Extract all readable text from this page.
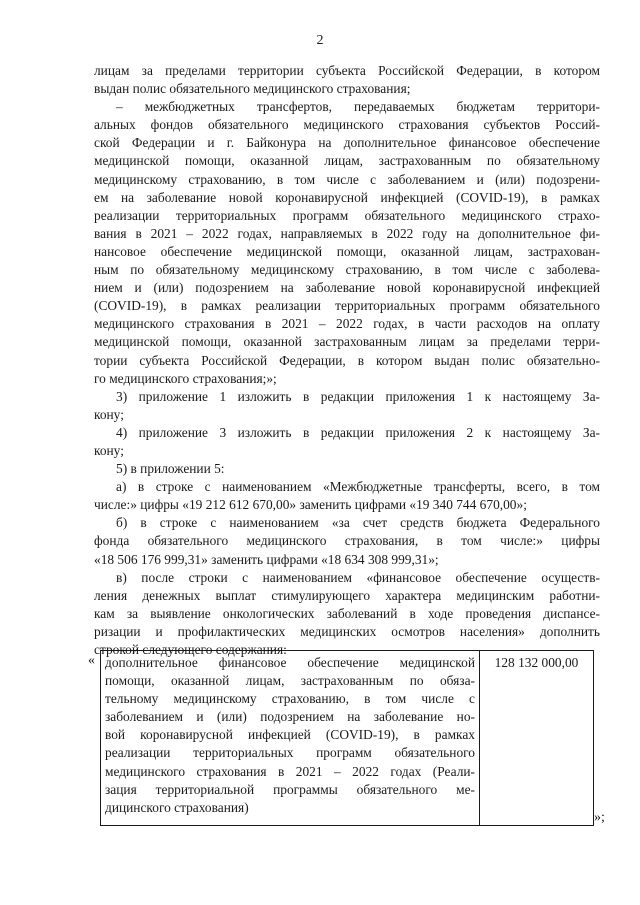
2
лицам за пределами территории субъекта Российской Федерации, в котором
выдан полис обязательного медицинского страхования;
– межбюджетных трансфертов, передаваемых бюджетам территори-
альных фондов обязательного медицинского страхования субъектов Россий-
ской Федерации и г. Байконура на дополнительное финансовое обеспечение
медицинской помощи, оказанной лицам, застрахованным по обязательному
медицинскому страхованию, в том числе с заболеванием и (или) подозрени-
ем на заболевание новой коронавирусной инфекцией (COVID-19), в рамках
реализации территориальных программ обязательного медицинского страхо-
вания в 2021 – 2022 годах, направляемых в 2022 году на дополнительное фи-
нансовое обеспечение медицинской помощи, оказанной лицам, застрахован-
ным по обязательному медицинскому страхованию, в том числе с заболева-
нием и (или) подозрением на заболевание новой коронавирусной инфекцией
(COVID-19), в рамках реализации территориальных программ обязательного
медицинского страхования в 2021 – 2022 годах, в части расходов на оплату
медицинской помощи, оказанной застрахованным лицам за пределами терри-
тории субъекта Российской Федерации, в котором выдан полис обязательно-
го медицинского страхования;»;
3) приложение 1 изложить в редакции приложения 1 к настоящему За-
кону;
4) приложение 3 изложить в редакции приложения 2 к настоящему За-
кону;
5) в приложении 5:
а) в строке с наименованием «Межбюджетные трансферты, всего, в том
числе:» цифры «19 212 612 670,00» заменить цифрами «19 340 744 670,00»;
б) в строке с наименованием «за счет средств бюджета Федерального
фонда обязательного медицинского страхования, в том числе:» цифры
«18 506 176 999,31» заменить цифрами «18 634 308 999,31»;
в) после строки с наименованием «финансовое обеспечение осуществ-
ления денежных выплат стимулирующего характера медицинским работни-
кам за выявление онкологических заболеваний в ходе проведения диспансе-
ризации и профилактических медицинских осмотров населения» дополнить
строкой следующего содержания:
« дополнительное финансовое обеспечение медицинской
помощи, оказанной лицам, застрахованным по обяза-
тельному медицинскому страхованию, в том числе с
заболеванием и (или) подозрением на заболевание но-
вой коронавирусной инфекцией (COVID-19), в рамках
реализации территориальных программ обязательного
медицинского страхования в 2021 – 2022 годах (Реали-
зация территориальной программы обязательного ме-
дицинского страхования)
	128 132 000,00
»;
